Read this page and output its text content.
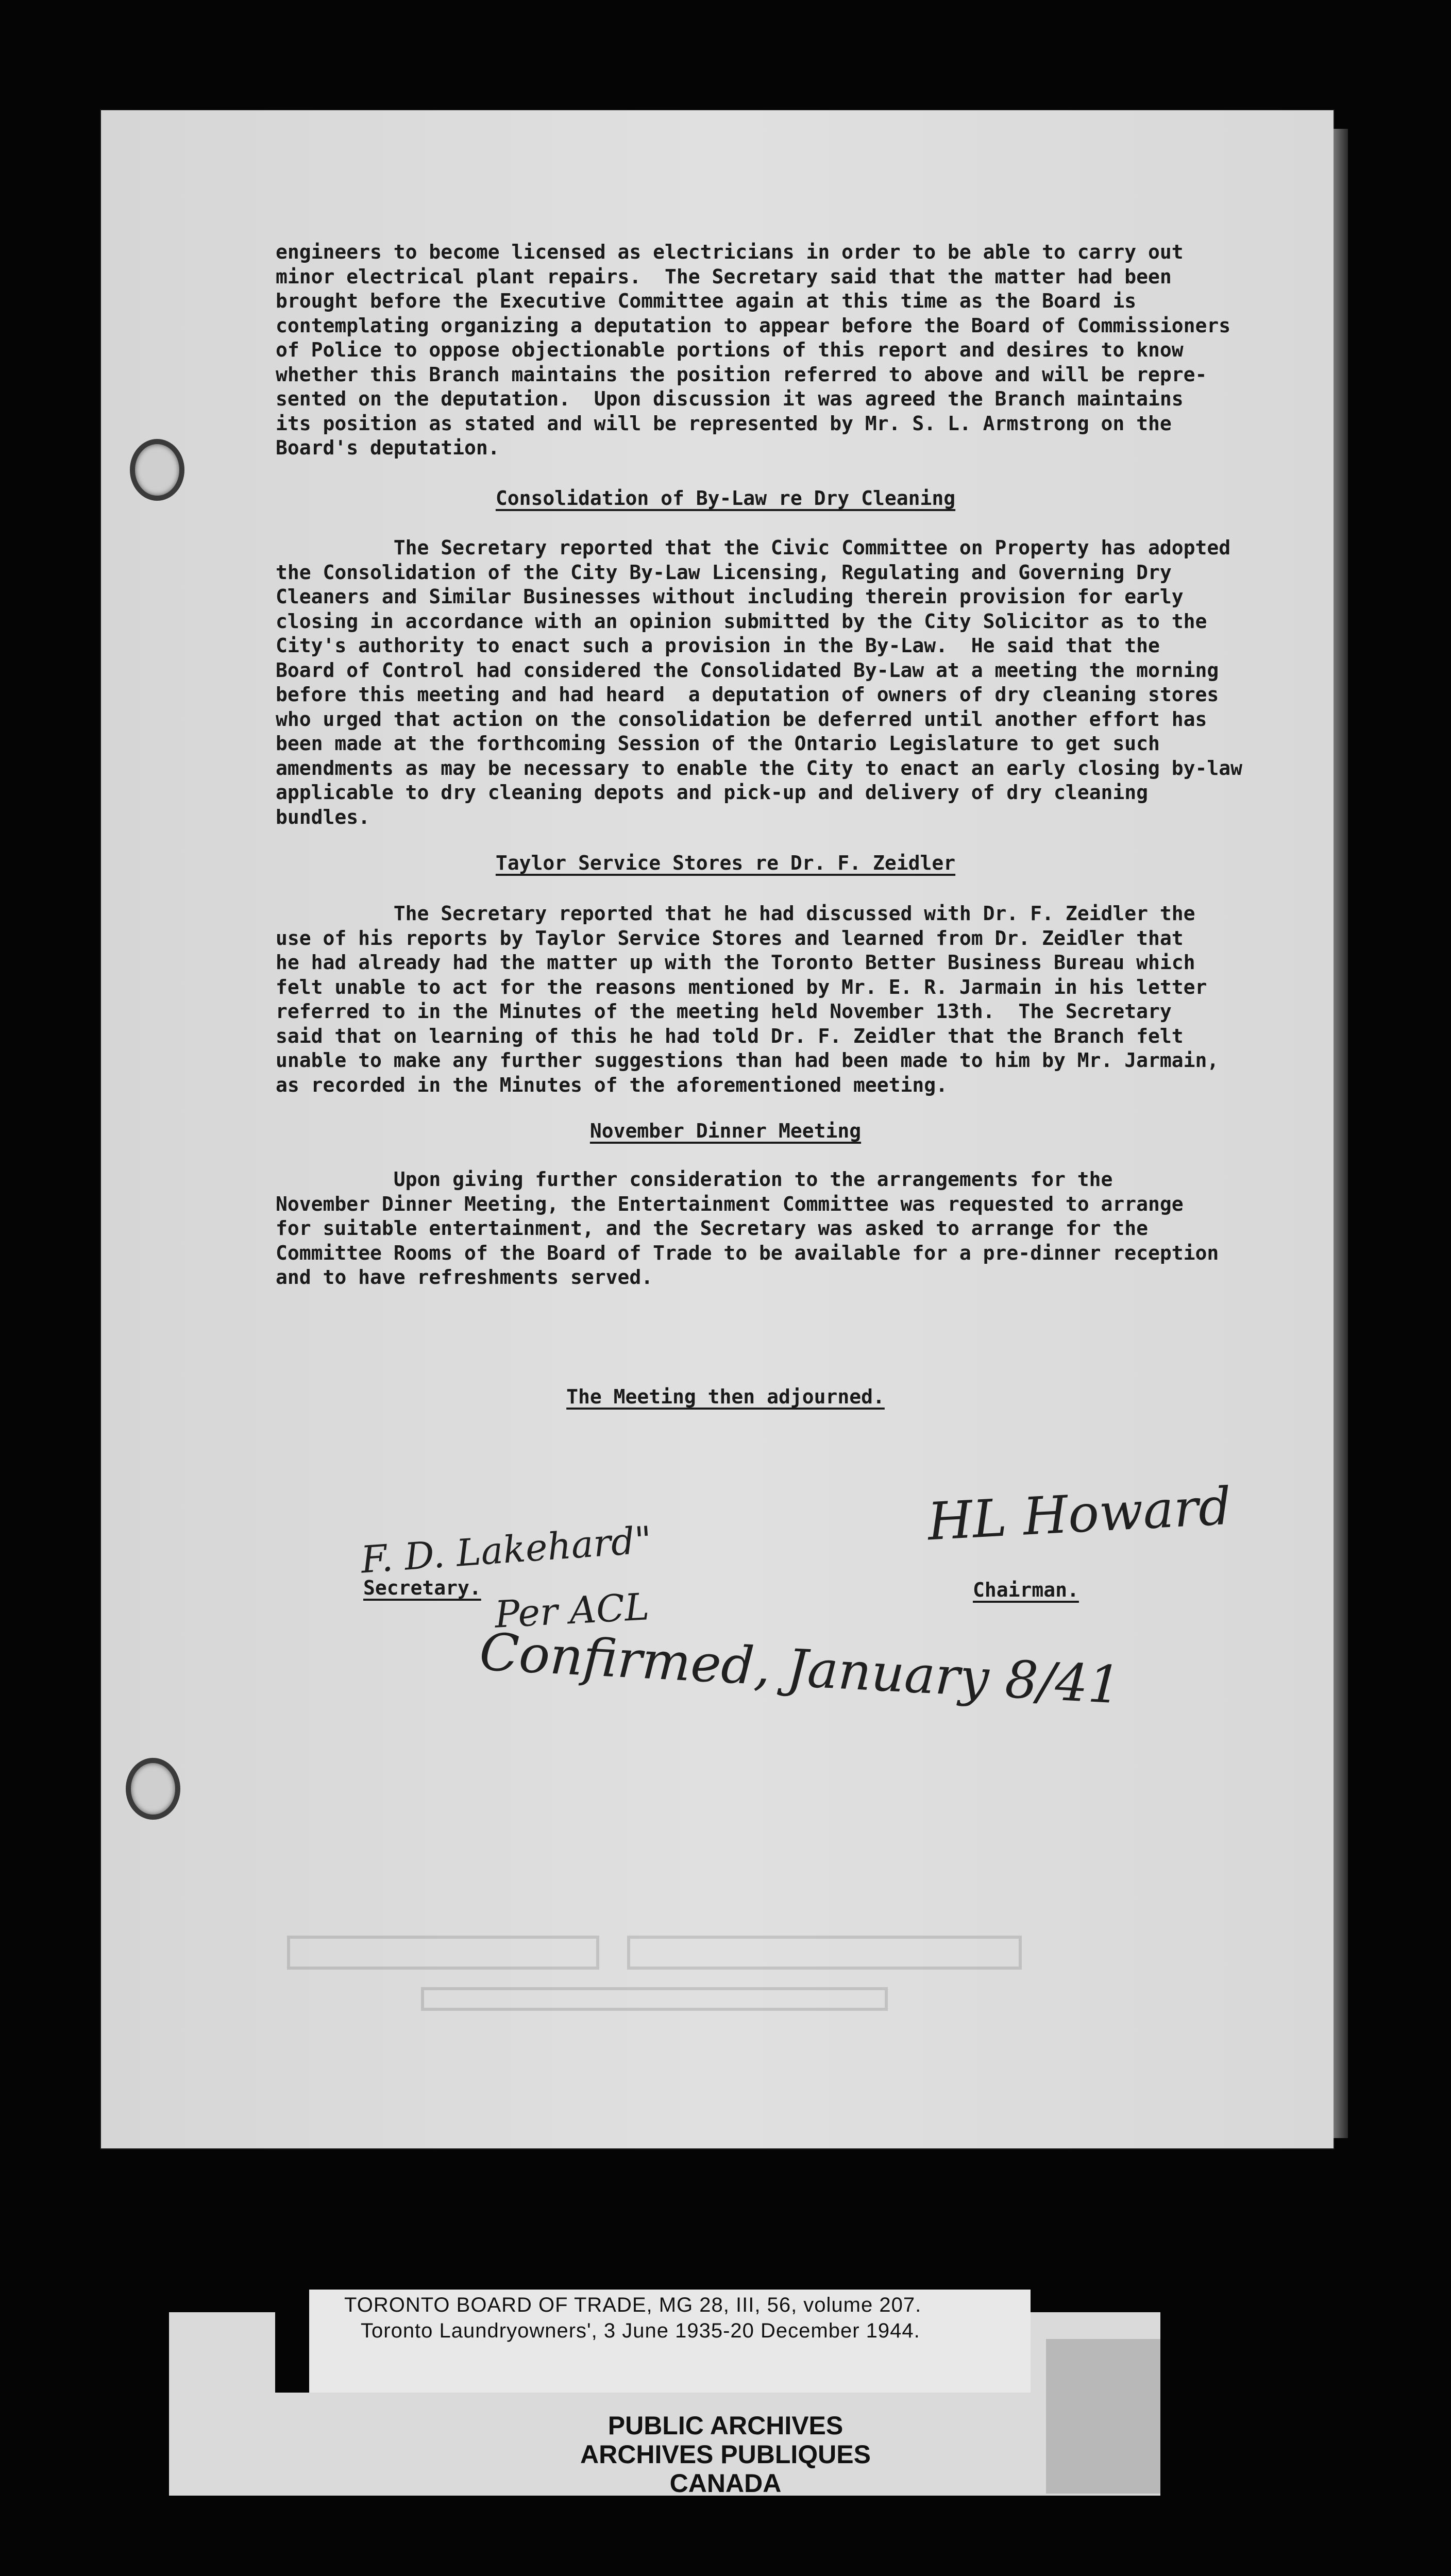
engineers to become licensed as electricians in order to be able to carry out
minor electrical plant repairs.  The Secretary said that the matter had been
brought before the Executive Committee again at this time as the Board is
contemplating organizing a deputation to appear before the Board of Commissioners
of Police to oppose objectionable portions of this report and desires to know
whether this Branch maintains the position referred to above and will be repre-
sented on the deputation.  Upon discussion it was agreed the Branch maintains
its position as stated and will be represented by Mr. S. L. Armstrong on the
Board's deputation.

Consolidation of By-Law re Dry Cleaning

The Secretary reported that the Civic Committee on Property has adopted
the Consolidation of the City By-Law Licensing, Regulating and Governing Dry
Cleaners and Similar Businesses without including therein provision for early
closing in accordance with an opinion submitted by the City Solicitor as to the
City's authority to enact such a provision in the By-Law.  He said that the
Board of Control had considered the Consolidated By-Law at a meeting the morning
before this meeting and had heard  a deputation of owners of dry cleaning stores
who urged that action on the consolidation be deferred until another effort has
been made at the forthcoming Session of the Ontario Legislature to get such
amendments as may be necessary to enable the City to enact an early closing by-law
applicable to dry cleaning depots and pick-up and delivery of dry cleaning
bundles.

Taylor Service Stores re Dr. F. Zeidler

The Secretary reported that he had discussed with Dr. F. Zeidler the
use of his reports by Taylor Service Stores and learned from Dr. Zeidler that
he had already had the matter up with the Toronto Better Business Bureau which
felt unable to act for the reasons mentioned by Mr. E. R. Jarmain in his letter
referred to in the Minutes of the meeting held November 13th.  The Secretary
said that on learning of this he had told Dr. F. Zeidler that the Branch felt
unable to make any further suggestions than had been made to him by Mr. Jarmain,
as recorded in the Minutes of the aforementioned meeting.

November Dinner Meeting

Upon giving further consideration to the arrangements for the
November Dinner Meeting, the Entertainment Committee was requested to arrange
for suitable entertainment, and the Secretary was asked to arrange for the
Committee Rooms of the Board of Trade to be available for a pre-dinner reception
and to have refreshments served.

The Meeting then adjourned.

F. D. Lakehard"

Secretary. Per ACL

HL Howard

Chairman.

Confirmed, January 8/41

TORONTO BOARD OF TRADE, MG 28, III, 56, volume 207.

Toronto Laundryowners', 3 June 1935-20 December 1944.

PUBLIC ARCHIVES

ARCHIVES PUBLIQUES

CANADA
